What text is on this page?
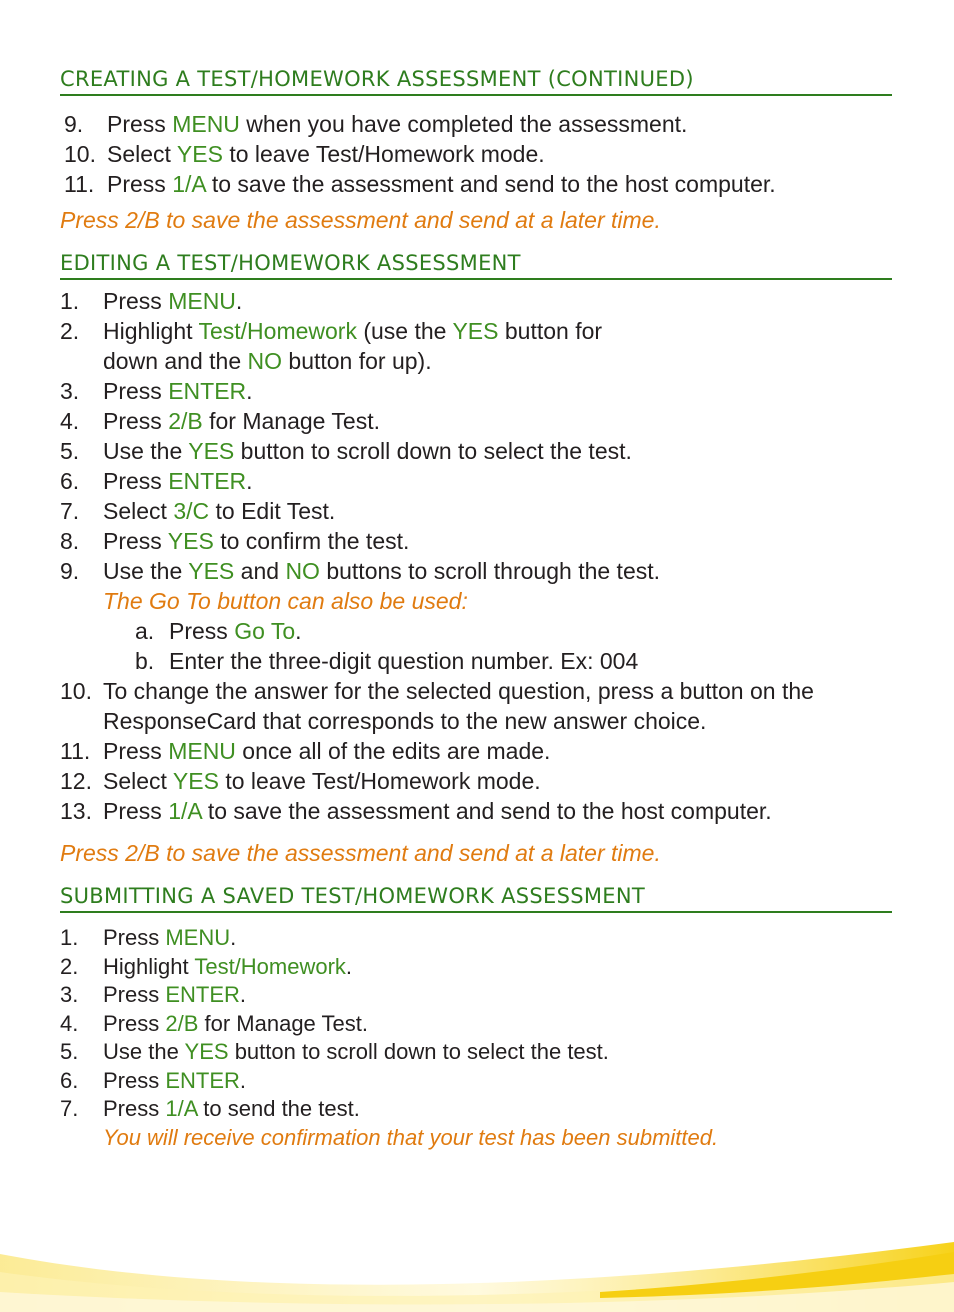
CREATING A TEST/HOMEWORK ASSESSMENT (CONTINUED)
9.	Press MENU when you have completed the assessment.
10. Select YES to leave Test/Homework mode.
11. Press 1/A to save the assessment and send to the host computer.
Press 2/B to save the assessment and send at a later time.
EDITING A TEST/HOMEWORK ASSESSMENT
1.	Press MENU.
2.	Highlight Test/Homework (use the YES button for
down and the NO button for up).
3.	Press ENTER.
4.	Press 2/B for Manage Test.
5.	Use the YES button to scroll down to select the test.
6.	Press ENTER.
7.	Select 3/C to Edit Test.
8.	Press YES to confirm the test.
9.	Use the YES and NO buttons to scroll through the test.
The Go To button can also be used:
a. Press Go To.
b. Enter the three-digit question number. Ex: 004
10. To change the answer for the selected question, press a button on the
ResponseCard that corresponds to the new answer choice.
11. Press MENU once all of the edits are made.
12. Select YES to leave Test/Homework mode.
13. Press 1/A to save the assessment and send to the host computer.
Press 2/B to save the assessment and send at a later time.
SUBMITTING A SAVED TEST/HOMEWORK ASSESSMENT
1.	Press MENU.
2.	Highlight Test/Homework.
3.	Press ENTER.
4.	Press 2/B for Manage Test.
5.	Use the YES button to scroll down to select the test.
6.	Press ENTER.
7.	Press 1/A to send the test.
You will receive confirmation that your test has been submitted.
